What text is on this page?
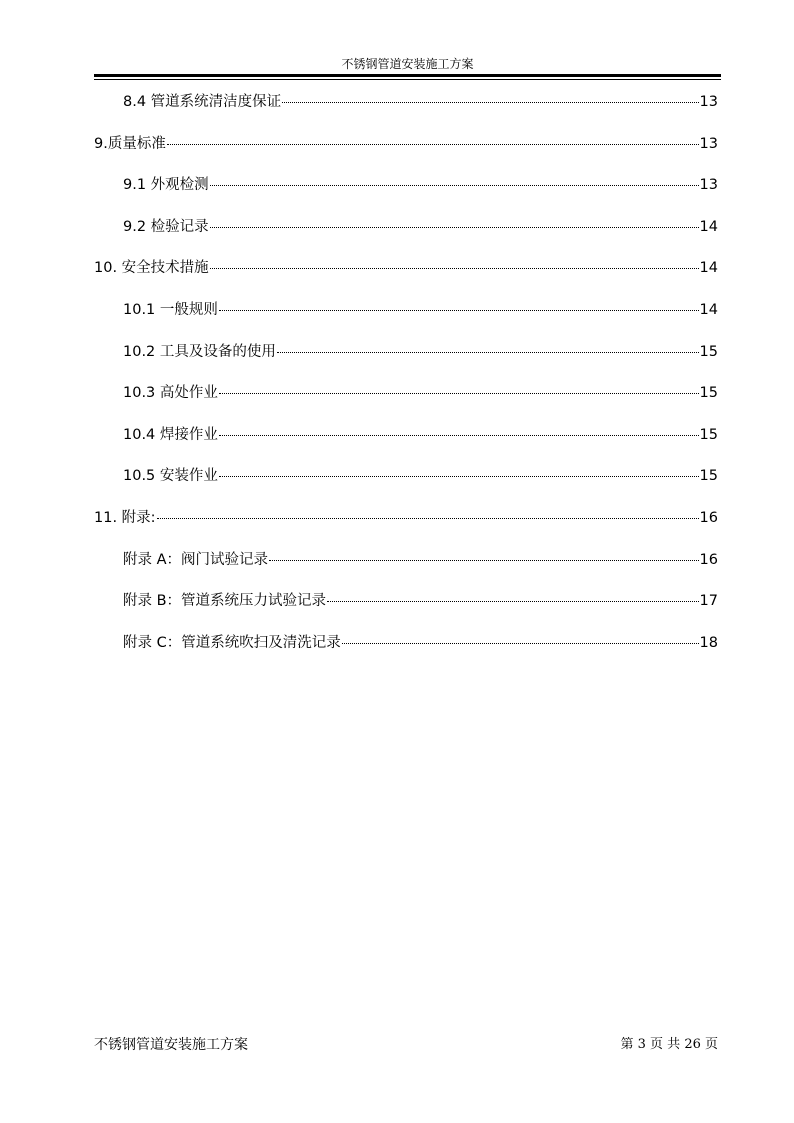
不锈钢管道安装施工方案
8.4 管道系统清洁度保证	13
9.质量标准	13
9.1 外观检测	13
9.2 检验记录	14
10. 安全技术措施	14
10.1 一般规则	14
10.2 工具及设备的使用	15
10.3 高处作业	15
10.4 焊接作业	15
10.5 安装作业	15
11. 附录:	16
附录 A：阀门试验记录	16
附录 B：管道系统压力试验记录	17
附录 C：管道系统吹扫及清洗记录	18
不锈钢管道安装施工方案	第 3 页 共 26 页
